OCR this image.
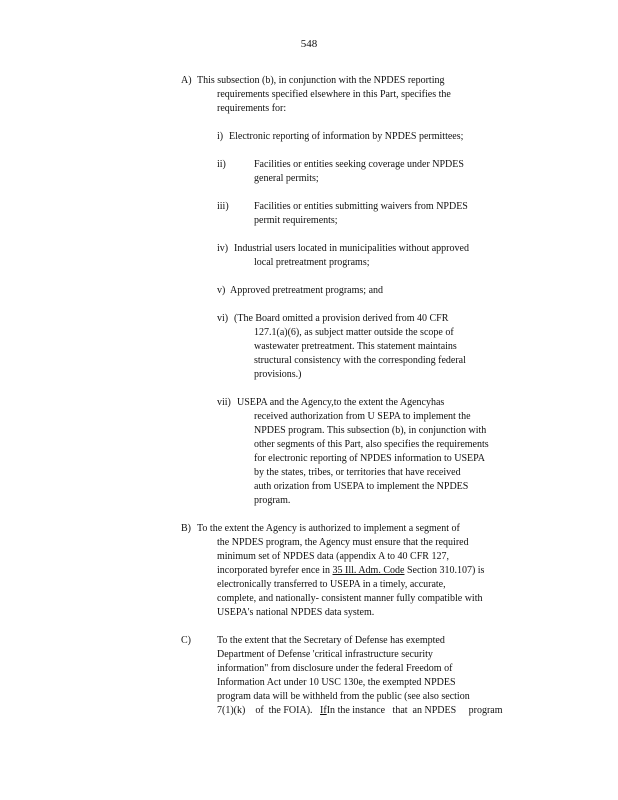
548
A) This subsection (b), in conjunction with the NPDES reporting
requirements specified elsewhere in this Part, specifies the
requirements for:
i) Electronic reporting of information by NPDES permittees;
ii)	Facilities or entities seeking coverage under NPDES
general permits;
iii)	Facilities or entities submitting waivers from NPDES
permit requirements;
iv) Industrial users located in municipalities without approved
local pretreatment programs;
v) Approved pretreatment programs; and
vi) (The Board omitted a provision derived from 40 CFR
127.1(a)(6), as subject matter outside the scope of
wastewater pretreatment. This statement maintains
structural consistency with the corresponding federal
provisions.)
vii) USEPA and the Agency,to the extent the Agencyhas
received authorization from U SEPA to implement the
NPDES program. This subsection (b), in conjunction with
other segments of this Part, also specifies the requirements
for electronic reporting of NPDES information to USEPA
by the states, tribes, or territories that have received
auth orization from USEPA to implement the NPDES
program.
B) To the extent the Agency is authorized to implement a segment of
the NPDES program, the Agency must ensure that the required
minimum set of NPDES data (appendix A to 40 CFR 127,
incorporated byrefer ence in 35 Ill. Adm. Code Section 310.107) is
electronically transferred to USEPA in a timely, accurate,
complete, and nationally- consistent manner fully compatible with
USEPA's national NPDES data system.
C)	To the extent that the Secretary of Defense has exempted
Department of Defense 'critical infrastructure security
information" from disclosure under the federal Freedom of
Information Act under 10 USC 130e, the exempted NPDES
program data will be withheld from the public (see also section
7(1)(k)    of  the FOIA). IfIn the instance   that  an NPDES     program
